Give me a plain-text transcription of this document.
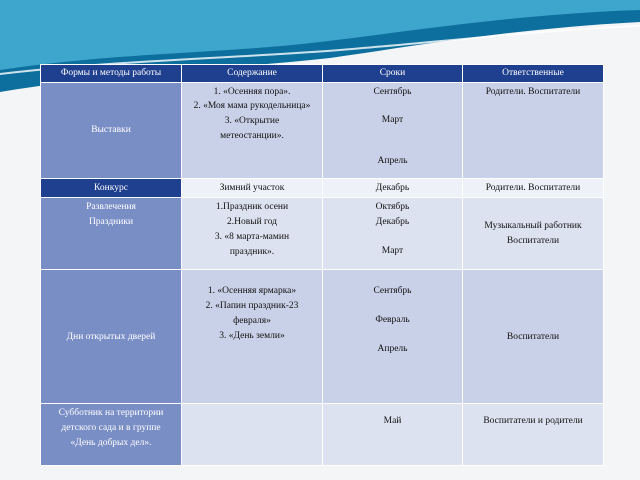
Формы и методы работы	Содержание	Сроки	Ответственные
Выставки	1. «Осенняя пора».
2. «Моя мама рукодельница»
3. «Открытие
метеостанции».	Сентябрь
Март
Апрель	Родители. Воспитатели
Конкурс	Зимний участок	Декабрь	Родители. Воспитатели

Развлечения
Праздники	1.Праздник осени
2.Новый год
3. «8 марта-мамин
праздник».	Октябрь
Декабрь
Март	Музыкальный работник
Воспитатели

Дни открытых дверей	1. «Осенняя ярмарка»
2. «Папин праздник-23
февраля»
3. «День земли»	Сентябрь
Февраль
Апрель	Воспитатели

Субботник на территории
детского сада и в группе
«День добрых дел».		Май	Воспитатели и родители
